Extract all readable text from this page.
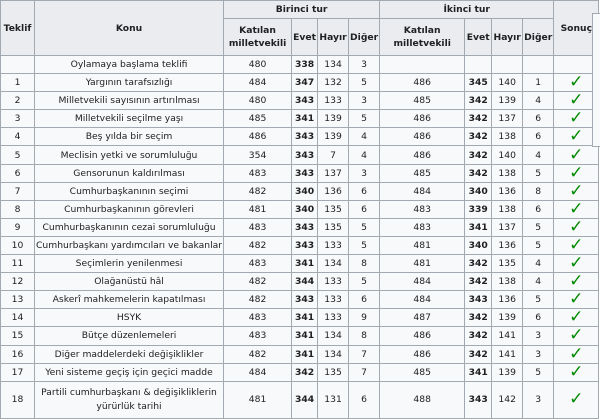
Teklif	Konu	Birinci tur				İkinci tur				Sonuç
		Katılan milletvekili	Evet	Hayır	Diğer	Katılan milletvekili	Evet	Hayır	Diğer	
	Oylamaya başlama teklifi	480	338	134	3					
1	Yargının tarafsızlığı	484	347	132	5	486	345	140	1	✓
2	Milletvekili sayısının artırılması	480	343	133	3	485	342	139	4	✓
3	Milletvekili seçilme yaşı	485	341	139	5	486	342	137	6	✓
4	Beş yılda bir seçim	486	343	139	4	486	342	138	6	✓
5	Meclisin yetki ve sorumluluğu	354	343	7	4	486	342	140	4	✓
6	Gensorunun kaldırılması	483	343	137	3	485	342	138	5	✓
7	Cumhurbaşkanının seçimi	482	340	136	6	484	340	136	8	✓
8	Cumhurbaşkanının görevleri	481	340	135	6	483	339	138	6	✓
9	Cumhurbaşkanının cezai sorumluluğu	483	343	135	5	483	341	137	5	✓
10	Cumhurbaşkanı yardımcıları ve bakanlar	482	343	133	5	481	340	136	5	✓
11	Seçimlerin yenilenmesi	483	341	134	8	481	342	135	4	✓
12	Olağanüstü hâl	482	344	133	5	484	342	138	4	✓
13	Askerî mahkemelerin kapatılması	482	343	133	6	484	343	136	5	✓
14	HSYK	483	341	133	9	487	342	139	6	✓
15	Bütçe düzenlemeleri	483	341	134	8	486	342	141	3	✓
16	Diğer maddelerdeki değişiklikler	482	341	134	7	486	342	141	3	✓
17	Yeni sisteme geçiş için geçici madde	484	342	135	7	485	341	139	5	✓
18	Partili cumhurbaşkanı & değişikliklerin yürürlük tarihi	481	344	131	6	488	343	142	3	✓
